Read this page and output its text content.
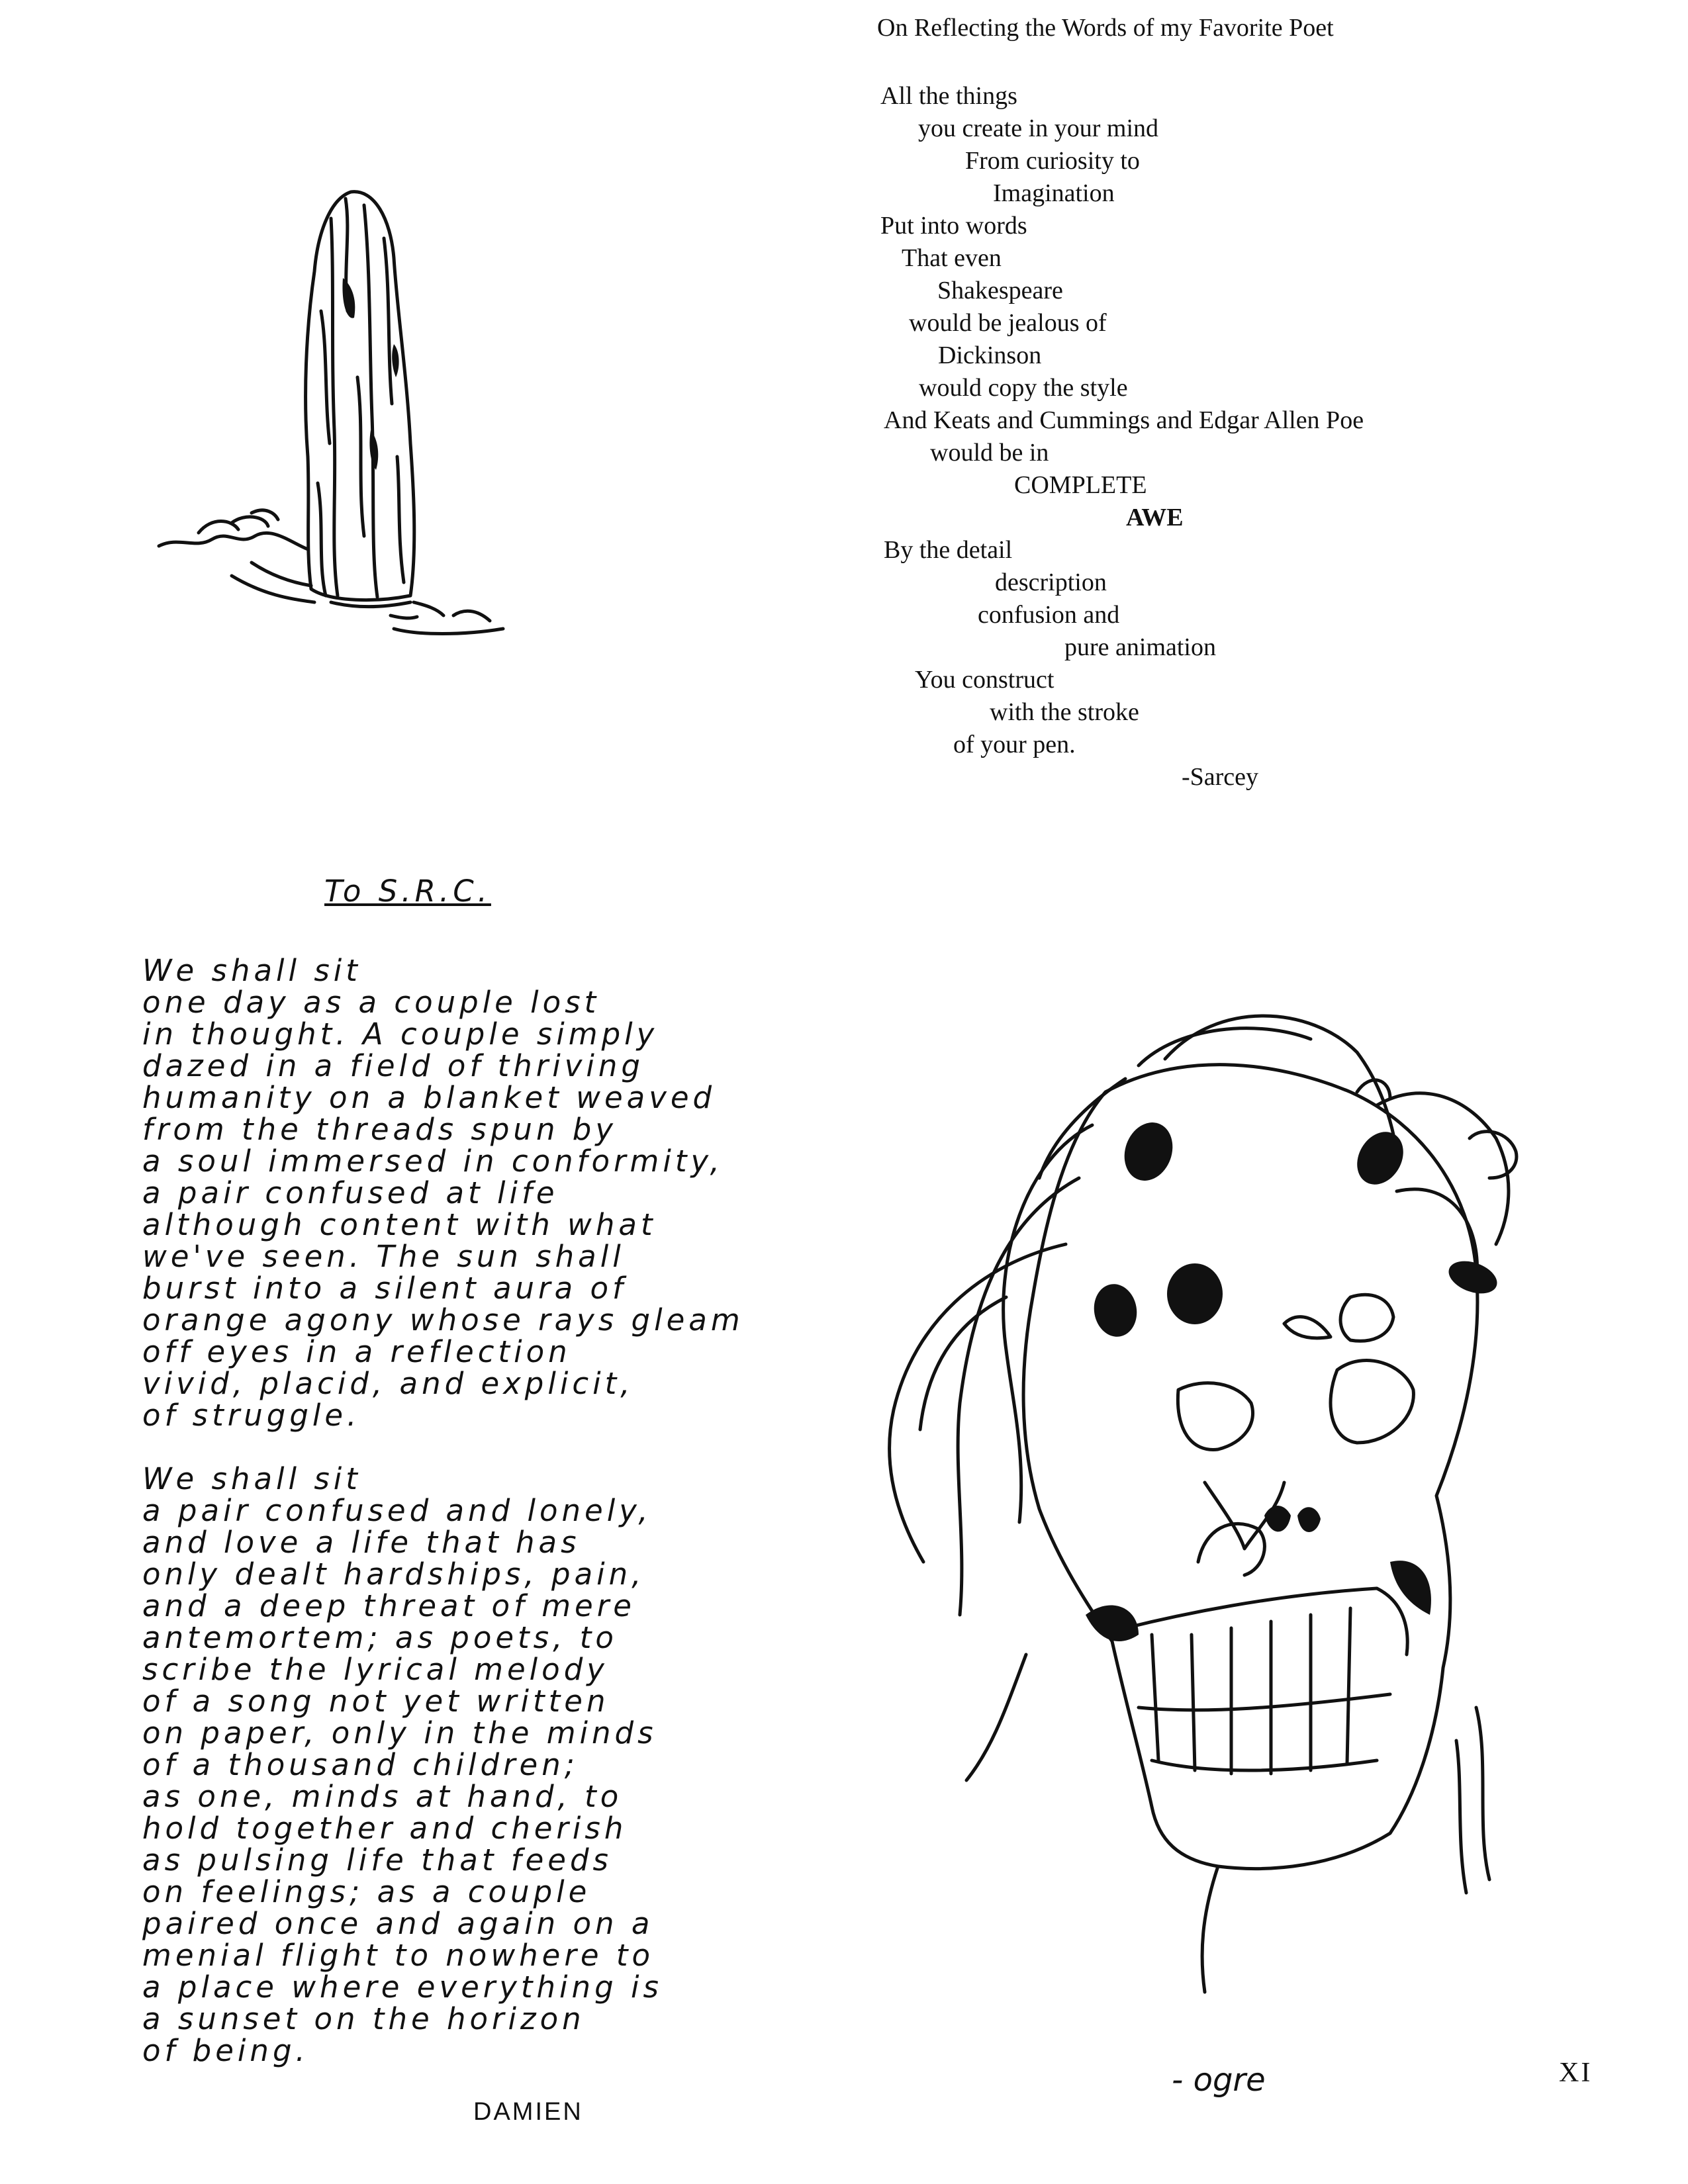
On Reflecting the Words of my Favorite Poet
All the things
you create in your mind
From curiosity to
Imagination
Put into words
That even
Shakespeare
would be jealous of
Dickinson
would copy the style
And Keats and Cummings and Edgar Allen Poe
would be in
COMPLETE
AWE
By the detail
description
confusion and
pure animation
You construct
with the stroke
of your pen.
-Sarcey
To S.R.C.
We shall sit
one day as a couple lost
in thought. A couple simply
dazed in a field of thriving
humanity on a blanket weaved
from the threads spun by
a soul immersed in conformity,
a pair confused at life
although content with what
we've seen. The sun shall
burst into a silent aura of
orange agony whose rays gleam
off eyes in a reflection
vivid, placid, and explicit,
of struggle.
We shall sit
a pair confused and lonely,
and love a life that has
only dealt hardships, pain,
and a deep threat of mere
antemortem; as poets, to
scribe the lyrical melody
of a song not yet written
on paper, only in the minds
of a thousand children;
as one, minds at hand, to
hold together and cherish
as pulsing life that feeds
on feelings; as a couple
paired once and again on a
menial flight to nowhere to
a place where everything is
a sunset on the horizon
of being.
DAMIEN
- ogre	XI
